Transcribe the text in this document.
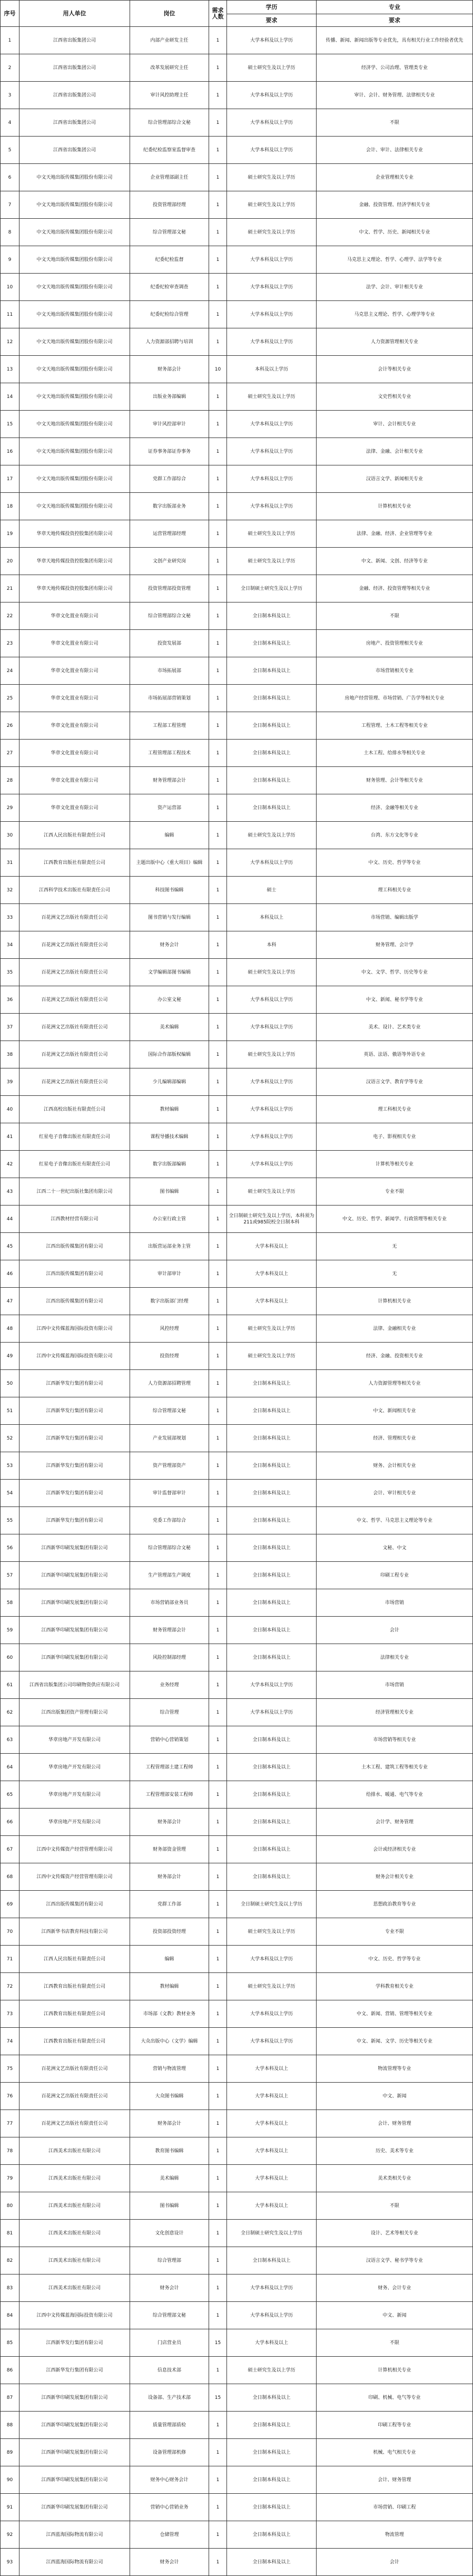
序号	用人单位	岗位	需求人数	学历	专业
				要求	要求
1	江西省出版集团公司	内部产业研发主任	1	大学本科及以上学历	传播、新闻、新闻出版等专业优先，具有相关行业工作经验者优先
2	江西省出版集团公司	改革发展研究主任	1	硕士研究生及以上学历	经济学、公司治理、管理类专业
3	江西省出版集团公司	审计风控助理主任	1	大学本科及以上学历	审计、会计、财务管理、法律相关专业
4	江西省出版集团公司	综合管理部综合文秘	1	大学本科及以上学历	不限
5	江西省出版集团公司	纪委纪检监察室监督审查	1	大学本科及以上学历	会计、审计、法律相关专业
6	中文天地出版传媒集团股份有限公司	企业管理部副主任	1	硕士研究生及以上学历	企业管理相关专业
7	中文天地出版传媒集团股份有限公司	投资管理部经理	1	硕士研究生及以上学历	金融、投资管理、经济学相关专业
8	中文天地出版传媒集团股份有限公司	综合管理部文秘	1	硕士研究生及以上学历	中文、哲学、历史、新闻相关专业
9	中文天地出版传媒集团股份有限公司	纪委纪检监督	1	大学本科及以上学历	马克思主义理论、哲学、心理学、法学等专业
10	中文天地出版传媒集团股份有限公司	纪委纪检审查调查	1	大学本科及以上学历	法学、会计、审计相关专业
11	中文天地出版传媒集团股份有限公司	纪委纪检综合管理	1	大学本科及以上学历	马克思主义理论、哲学、心理学等专业
12	中文天地出版传媒集团股份有限公司	人力资源部招聘与培训	1	大学本科及以上学历	人力资源管理相关专业
13	中文天地出版传媒集团股份有限公司	财务部会计	10	本科及以上学历	会计等相关专业
14	中文天地出版传媒集团股份有限公司	出版业务部编辑	1	硕士研究生及以上学历	文史哲相关专业
15	中文天地出版传媒集团股份有限公司	审计风控部审计	1	大学本科及以上学历	审计、会计相关专业
16	中文天地出版传媒集团股份有限公司	证券事务部证券事务	1	大学本科及以上学历	法律、金融、会计相关专业
17	中文天地出版传媒集团股份有限公司	党群工作部综合	1	大学本科及以上学历	汉语言文学、新闻相关专业
18	中文天地出版传媒集团股份有限公司	数字出版部业务	1	大学本科及以上学历	计算机相关专业
19	华章天地传媒投资控股集团有限公司	运营管理部经理	1	硕士研究生及以上学历	法律、金融、经济、企业管理等专业
20	华章天地传媒投资控股集团有限公司	文创产业研究岗	1	硕士研究生及以上学历	中文、新闻、文创、经济等专业
21	华章天地传媒投资控股集团有限公司	投资管理部投资管理	1	全日制硕士研究生及以上学历	金融、经济、投资管理等相关专业
22	华章文化置业有限公司	综合管理部综合文秘	1	全日制本科及以上	不限
23	华章文化置业有限公司	投资发展部	1	全日制本科及以上	房地产、投资管理相关专业
24	华章文化置业有限公司	市场拓展部	1	全日制本科及以上	市场营销相关专业
25	华章文化置业有限公司	市场拓展部营销策划	1	全日制本科及以上	房地产经营管理、市场营销、广告学等相关专业
26	华章文化置业有限公司	工程部工程管理	1	全日制本科及以上	工程管理、土木工程等相关专业
27	华章文化置业有限公司	工程管理部工程技术	1	全日制本科及以上	土木工程、给排水等相关专业
28	华章文化置业有限公司	财务管理部会计	1	全日制本科及以上	财务管理、会计等相关专业
29	华章文化置业有限公司	资产运营部	1	全日制本科及以上	经济、金融等相关专业
30	江西人民出版社有限责任公司	编辑	1	硕士研究生及以上学历	台湾、东方文化等专业
31	江西教育出版社有限责任公司	主题出版中心（重大项目）编辑	1	大学本科及以上学历	中文、历史、哲学等专业
32	江西科学技术出版社有限责任公司	科技图书编辑	1	硕士	理工科相关专业
33	百花洲文艺出版社有限责任公司	图书营销与发行编辑	1	本科及以上	市场营销、编辑出版学
34	百花洲文艺出版社有限责任公司	财务会计	1	本科	财务管理、会计学
35	百花洲文艺出版社有限责任公司	文学编辑部图书编辑	1	硕士研究生及以上学历	中文、文学、哲学、历史等专业
36	百花洲文艺出版社有限责任公司	办公室文秘	1	大学本科及以上学历	中文、新闻、秘书学等专业
37	百花洲文艺出版社有限责任公司	美术编辑	1	大学本科及以上学历	美术、设计、艺术类专业
38	百花洲文艺出版社有限责任公司	国际合作部版权编辑	1	硕士研究生及以上学历	英语、法语、俄语等外语专业
39	百花洲文艺出版社有限责任公司	少儿编辑部编辑	1	大学本科及以上学历	汉语言文学、教育学等专业
40	江西高校出版社有限责任公司	教材编辑	1	大学本科及以上学历	理工科相关专业
41	红星电子音像出版社有限责任公司	课程导播技术编辑	1	大学本科及以上学历	电子、影视相关专业
42	红星电子音像出版社有限责任公司	数字出版部编辑	1	大学本科及以上学历	计算机等相关专业
43	江西二十一世纪出版社集团有限公司	图书编辑	1	硕士研究生及以上学历	专业不限
44	江西教材经营有限公司	办公室行政主管	1	全日制硕士研究生及以上学历，本科须为211或985院校全日制本科	中文、历史、哲学、新闻学、行政管理等相关专业
45	江西出版传媒集团有限公司	出版营运部业务主管	1	大学本科及以上	无
46	江西出版传媒集团有限公司	审计部审计	1	大学本科及以上	无
47	江西出版传媒集团有限公司	数字出版部门经理	1	大学本科及以上	计算机相关专业
48	江西中文传媒蓝海国际投资有限公司	风控经理	1	硕士研究生及以上学历	法律、金融相关专业
49	江西中文传媒蓝海国际投资有限公司	投资经理	1	硕士研究生及以上学历	经济、金融、投资相关专业
50	江西新华发行集团有限公司	人力资源部招聘管理	1	全日制本科及以上	人力资源管理等相关专业
51	江西新华发行集团有限公司	综合管理部文秘	1	全日制本科及以上	中文、新闻相关专业
52	江西新华发行集团有限公司	产业发展部规划	1	全日制本科及以上	经济、管理相关专业
53	江西新华发行集团有限公司	资产管理部资产	1	全日制本科及以上	财务、会计相关专业
54	江西新华发行集团有限公司	审计监督部审计	1	全日制本科及以上	会计、审计相关专业
55	江西新华发行集团有限公司	党委工作部综合	1	全日制本科及以上	中文、哲学、马克思主义理论等专业
56	江西新华印刷发展集团有限公司	综合管理部综合文秘	1	全日制本科及以上	文秘、中文
57	江西新华印刷发展集团有限公司	生产管理部生产调度	1	全日制本科及以上	印刷工程专业
58	江西新华印刷发展集团有限公司	市场营销部业务员	1	全日制本科及以上	市场营销
59	江西新华印刷发展集团有限公司	财务管理部会计	1	全日制本科及以上	会计
60	江西新华印刷发展集团有限公司	风险控制部经理	1	全日制本科及以上	法律相关专业
61	江西省出版集团公司印刷物资供应有限公司	业务经理	1	大学本科及以上学历	市场营销
62	江西出版集团资产管理有限公司	综合管理	1	大学本科及以上学历	经济管理相关专业
63	华章房地产开发有限公司	营销中心营销策划	1	全日制本科及以上	市场营销等相关专业
64	华章房地产开发有限公司	工程管理部土建工程师	1	全日制本科及以上	土木工程、建筑工程等相关专业
65	华章房地产开发有限公司	工程管理部安装工程师	1	全日制本科及以上	给排水、暖通、电气等专业
66	华章房地产开发有限公司	财务部会计	1	全日制本科及以上	会计学、财务管理
67	江西中文传媒资产经营管理有限公司	财务部资金管理	1	全日制本科及以上	会计或经济相关专业
68	江西中文传媒资产经营管理有限公司	财务部会计	1	全日制本科及以上	财务会计相关专业
69	江西出版传媒集团有限公司	党群工作部	1	全日制硕士研究生及以上学历	思想政治教育等专业
70	江西新华书店教育科技有限公司	投资部投资经理	1	硕士研究生及以上学历	专业不限
71	江西人民出版社有限责任公司	编辑	1	大学本科及以上学历	中文、历史、哲学等专业
72	江西教育出版社有限责任公司	教材编辑	1	硕士研究生及以上学历	学科教育相关专业
73	江西教育出版社有限责任公司	市场部（文教）教材业务	1	大学本科及以上学历	中文、新闻、营销、管理等相关专业
74	江西教育出版社有限责任公司	大众出版中心（文学）编辑	1	大学本科及以上学历	中文、新闻、文学、历史等相关专业
75	百花洲文艺出版社有限责任公司	营销与物流管理	1	大学本科及以上	物流管理等专业
76	百花洲文艺出版社有限责任公司	大众图书编辑	1	大学本科及以上	中文、新闻
77	百花洲文艺出版社有限责任公司	财务部会计	1	大学本科及以上	会计、财务管理
78	江西美术出版社有限公司	教育图书编辑	1	大学本科及以上	历史、美术等专业
79	江西美术出版社有限公司	美术编辑	1	大学本科及以上	美术类相关专业
80	江西美术出版社有限公司	图书编辑	1	大学本科及以上	不限
81	江西美术出版社有限公司	文化创意设计	1	全日制硕士研究生及以上学历	设计、艺术等相关专业
82	江西美术出版社有限公司	综合管理部	1	全日制本科及以上	汉语言文学、秘书学等专业
83	江西美术出版社有限公司	财务会计	1	大学本科及以上学历	财务、会计专业
84	江西中文传媒蓝海国际投资有限公司	综合管理部文秘	1	大学本科及以上学历	中文、新闻
85	江西新华发行集团有限公司	门店营业员	15	大学本科及以上	不限
86	江西新华发行集团有限公司	信息技术部	1	硕士研究生及以上学历	计算机相关专业
87	江西新华印刷发展集团有限公司	设备部、生产技术部	15	全日制本科及以上	印刷、机械、电气等专业
88	江西新华印刷发展集团有限公司	质量管理部质检	1	全日制本科及以上	印刷工程等专业
89	江西新华印刷发展集团有限公司	设备管理部机修	1	全日制本科及以上	机械、电气相关专业
90	江西新华印刷发展集团有限公司	财务中心财务会计	1	全日制本科及以上	会计、财务管理
91	江西新华印刷发展集团有限公司	营销中心营销业务	1	全日制本科及以上	市场营销、印刷工程
92	江西蓝海国际物流有限公司	仓储管理	1	全日制本科及以上	物流管理
93	江西蓝海国际物流有限公司	财务会计	1	全日制本科及以上	会计
